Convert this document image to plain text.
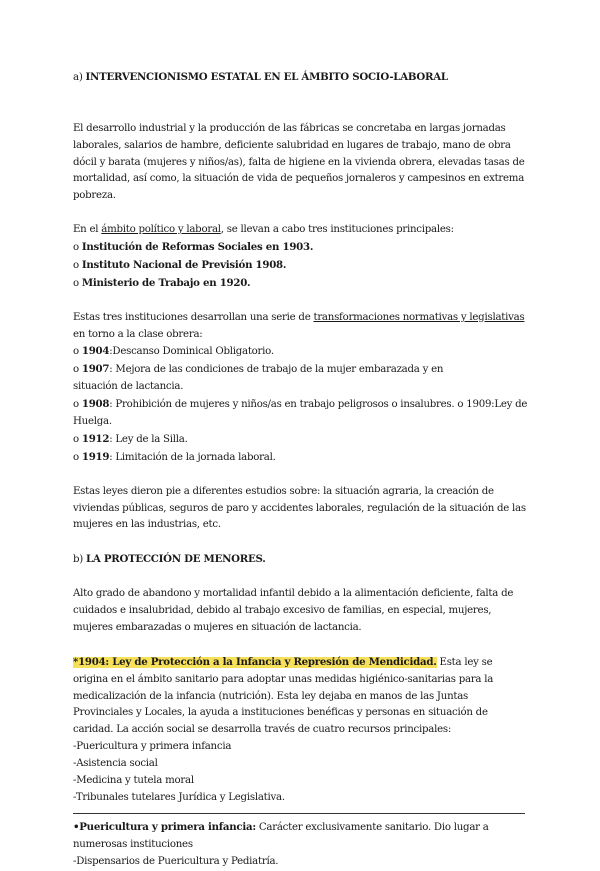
a) INTERVENCIONISMO ESTATAL EN EL ÁMBITO SOCIO-LABORAL

El desarrollo industrial y la producción de las fábricas se concretaba en largas jornadas laborales, salarios de hambre, deficiente salubridad en lugares de trabajo, mano de obra dócil y barata (mujeres y niños/as), falta de higiene en la vivienda obrera, elevadas tasas de mortalidad, así como, la situación de vida de pequeños jornaleros y campesinos en extrema pobreza.

En el ámbito político y laboral, se llevan a cabo tres instituciones principales:

o Institución de Reformas Sociales en 1903.

o Instituto Nacional de Previsión 1908.

o Ministerio de Trabajo en 1920.

Estas tres instituciones desarrollan una serie de transformaciones normativas y legislativas en torno a la clase obrera:

o 1904:Descanso Dominical Obligatorio.

o 1907: Mejora de las condiciones de trabajo de la mujer embarazada y en

situación de lactancia.

o 1908: Prohibición de mujeres y niños/as en trabajo peligrosos o insalubres. o 1909:Ley de Huelga.

o 1912: Ley de la Silla.

o 1919: Limitación de la jornada laboral.

Estas leyes dieron pie a diferentes estudios sobre: la situación agraria, la creación de viviendas públicas, seguros de paro y accidentes laborales, regulación de la situación de las mujeres en las industrias, etc.

b) LA PROTECCIÓN DE MENORES.

Alto grado de abandono y mortalidad infantil debido a la alimentación deficiente, falta de cuidados e insalubridad, debido al trabajo excesivo de familias, en especial, mujeres, mujeres embarazadas o mujeres en situación de lactancia.

*1904: Ley de Protección a la Infancia y Represión de Mendicidad. Esta ley se origina en el ámbito sanitario para adoptar unas medidas higiénico-sanitarias para la medicalización de la infancia (nutrición). Esta ley dejaba en manos de las Juntas Provinciales y Locales, la ayuda a instituciones benéficas y personas en situación de caridad. La acción social se desarrolla través de cuatro recursos principales:

-Puericultura y primera infancia

-Asistencia social

-Medicina y tutela moral

-Tribunales tutelares Jurídica y Legislativa.

•Puericultura y primera infancia: Carácter exclusivamente sanitario. Dio lugar a numerosas instituciones

-Dispensarios de Puericultura y Pediatría.
